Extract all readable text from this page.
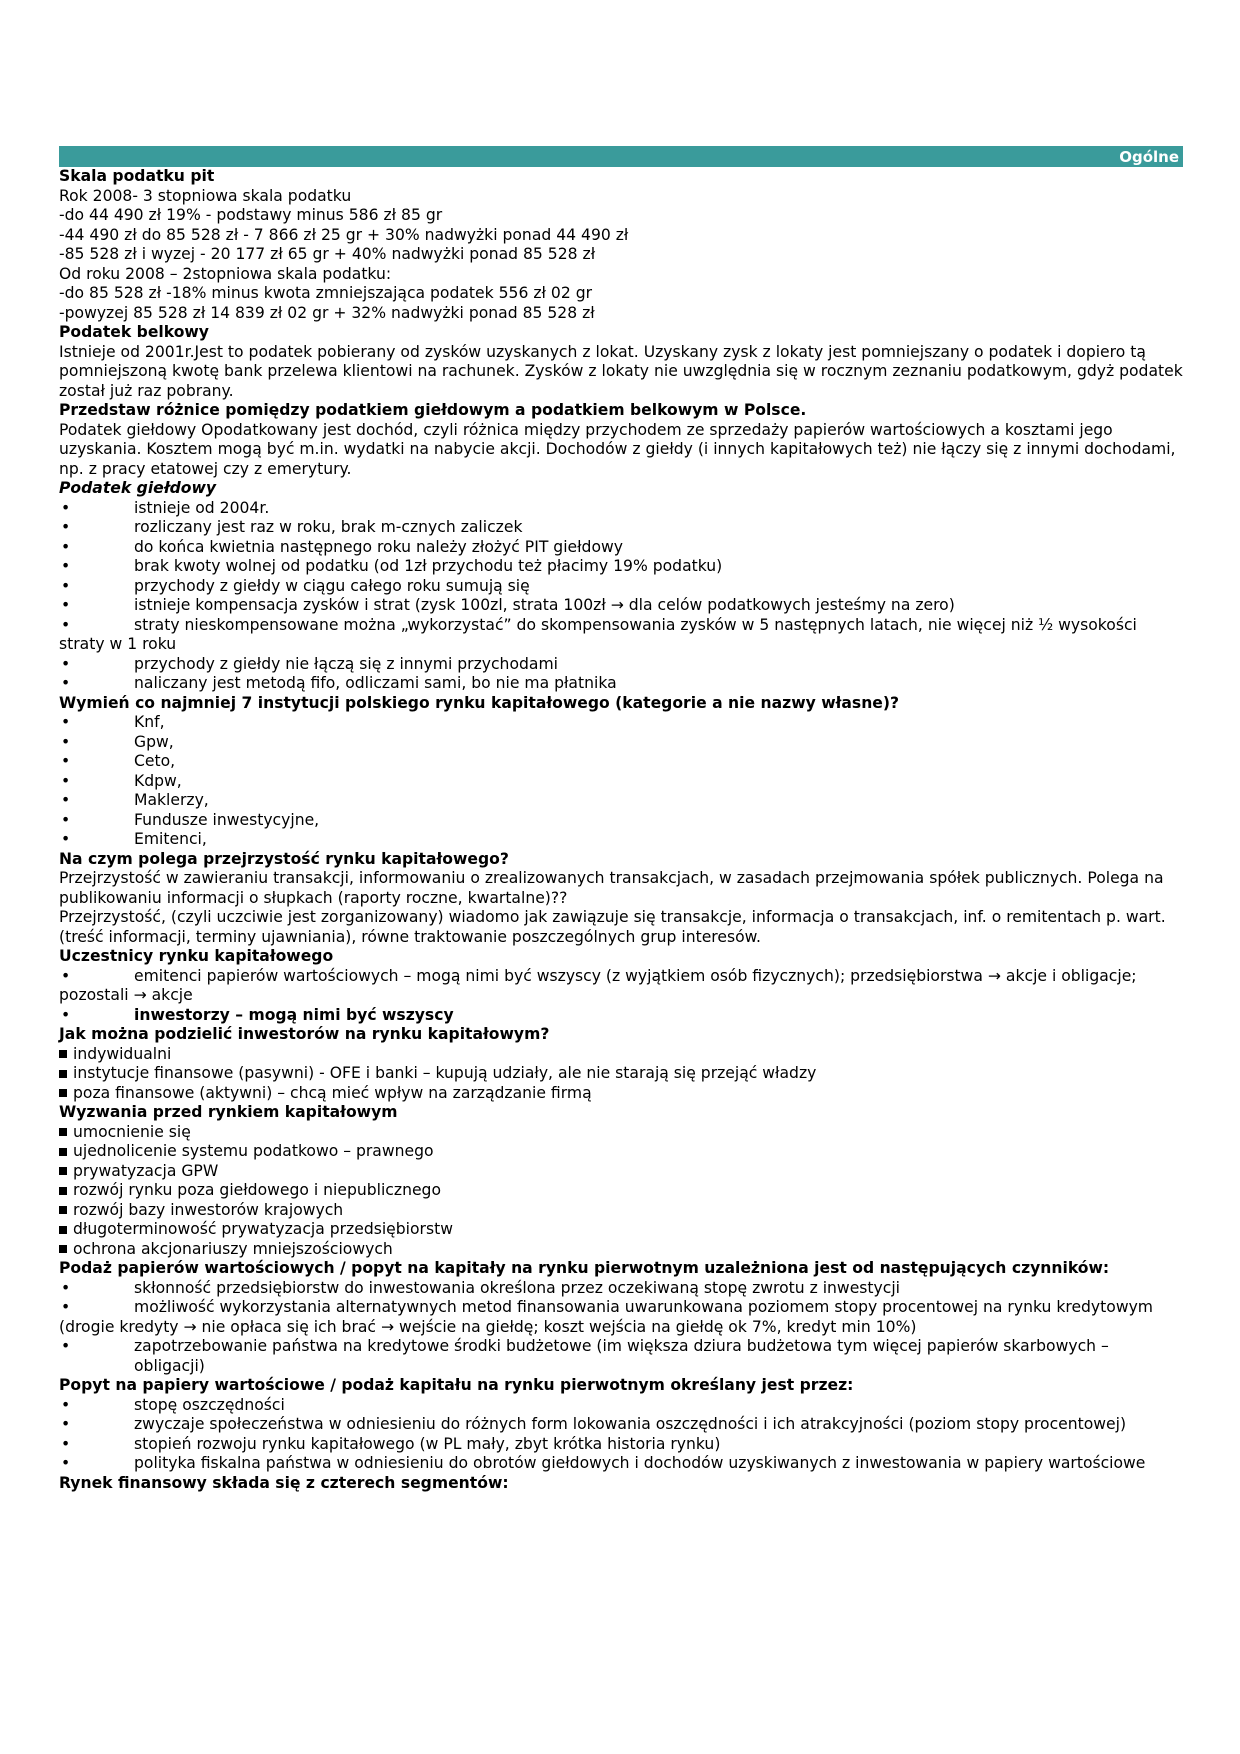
Ogólne
Skala podatku pit
Rok 2008- 3 stopniowa skala podatku
-do 44 490 zł 19% - podstawy minus 586 zł 85 gr
-44 490 zł do 85 528 zł - 7 866 zł 25 gr + 30% nadwyżki ponad 44 490 zł
-85 528 zł i wyzej - 20 177 zł 65 gr + 40% nadwyżki ponad 85 528 zł
Od roku 2008 – 2stopniowa skala podatku:
-do 85 528 zł -18% minus kwota zmniejszająca podatek 556 zł 02 gr
-powyzej 85 528 zł 14 839 zł 02 gr + 32% nadwyżki ponad 85 528 zł
Podatek belkowy
Istnieje od 2001r.Jest to podatek pobierany od zysków uzyskanych z lokat. Uzyskany zysk z lokaty jest pomniejszany o podatek i dopiero tą pomniejszoną kwotę bank przelewa klientowi na rachunek. Zysków z lokaty nie uwzględnia się w rocznym zeznaniu podatkowym, gdyż podatek został już raz pobrany.
Przedstaw różnice pomiędzy podatkiem giełdowym a podatkiem belkowym w Polsce.
Podatek giełdowy Opodatkowany jest dochód, czyli różnica między przychodem ze sprzedaży papierów wartościowych a kosztami jego uzyskania. Kosztem mogą być m.in. wydatki na nabycie akcji. Dochodów z giełdy (i innych kapitałowych też) nie łączy się z innymi dochodami, np. z pracy etatowej czy z emerytury.
Podatek giełdowy
•	istnieje od 2004r.
•	rozliczany jest raz w roku, brak m-cznych zaliczek
•	do końca kwietnia następnego roku należy złożyć PIT giełdowy
•	brak kwoty wolnej od podatku (od 1zł przychodu też płacimy 19% podatku)
•	przychody z giełdy w ciągu całego roku sumują się
•	istnieje kompensacja zysków i strat (zysk 100zl, strata 100zł → dla celów podatkowych jesteśmy na zero)
•	straty nieskompensowane można „wykorzystać” do skompensowania zysków w 5 następnych latach, nie więcej niż ½ wysokości straty w 1 roku
•	przychody z giełdy nie łączą się z innymi przychodami
•	naliczany jest metodą fifo, odliczami sami, bo nie ma płatnika
Wymień co najmniej 7 instytucji polskiego rynku kapitałowego (kategorie a nie nazwy własne)?
•	Knf,
•	Gpw,
•	Ceto,
•	Kdpw,
•	Maklerzy,
•	Fundusze inwestycyjne,
•	Emitenci,
Na czym polega przejrzystość rynku kapitałowego?
Przejrzystość w zawieraniu transakcji, informowaniu o zrealizowanych transakcjach, w zasadach przejmowania spółek publicznych. Polega na publikowaniu informacji o słupkach (raporty roczne, kwartalne)??
Przejrzystość, (czyli uczciwie jest zorganizowany) wiadomo jak zawiązuje się transakcje, informacja o transakcjach, inf. o remitentach p. wart. (treść informacji, terminy ujawniania), równe traktowanie poszczególnych grup interesów.
Uczestnicy rynku kapitałowego
•	emitenci papierów wartościowych – mogą nimi być wszyscy (z wyjątkiem osób fizycznych); przedsiębiorstwa → akcje i obligacje; pozostali → akcje
•	inwestorzy – mogą nimi być wszyscy
Jak można podzielić inwestorów na rynku kapitałowym?
indywidualni
instytucje finansowe (pasywni) - OFE i banki – kupują udziały, ale nie starają się przejąć władzy
poza finansowe (aktywni) – chcą mieć wpływ na zarządzanie firmą
Wyzwania przed rynkiem kapitałowym
umocnienie się
ujednolicenie systemu podatkowo – prawnego
prywatyzacja GPW
rozwój rynku poza giełdowego i niepublicznego
rozwój bazy inwestorów krajowych
długoterminowość prywatyzacja przedsiębiorstw
ochrona akcjonariuszy mniejszościowych
Podaż papierów wartościowych / popyt na kapitały na rynku pierwotnym uzależniona jest od następujących czynników:
•	skłonność przedsiębiorstw do inwestowania określona przez oczekiwaną stopę zwrotu z inwestycji
•	możliwość wykorzystania alternatywnych metod finansowania uwarunkowana poziomem stopy procentowej na rynku kredytowym (drogie kredyty → nie opłaca się ich brać → wejście na giełdę; koszt wejścia na giełdę ok 7%, kredyt min 10%)
•	zapotrzebowanie państwa na kredytowe środki budżetowe (im większa dziura budżetowa tym więcej papierów skarbowych – obligacji)
Popyt na papiery wartościowe / podaż kapitału na rynku pierwotnym określany jest przez:
•	stopę oszczędności
•	zwyczaje społeczeństwa w odniesieniu do różnych form lokowania oszczędności i ich atrakcyjności (poziom stopy procentowej)
•	stopień rozwoju rynku kapitałowego (w PL mały, zbyt krótka historia rynku)
•	polityka fiskalna państwa w odniesieniu do obrotów giełdowych i dochodów uzyskiwanych z inwestowania w papiery wartościowe
Rynek finansowy składa się z czterech segmentów:
